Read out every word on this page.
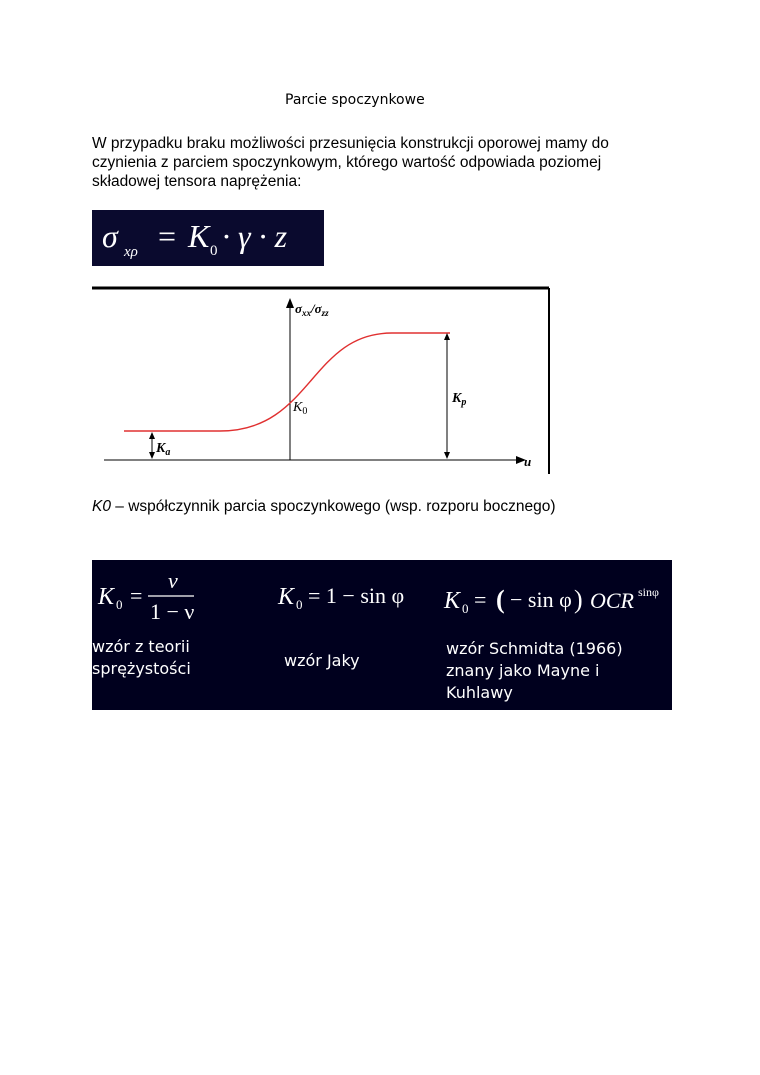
Parcie spoczynkowe
W przypadku braku możliwości przesunięcia konstrukcji oporowej mamy do czynienia z parciem spoczynkowym, którego wartość odpowiada poziomej składowej tensora naprężenia:
σ xρ = K 0 · γ · z
$\sigma_{xx}/\sigma_{zz}$
u
$K_0$
$K_p$
$K_a$
K0 – współczynnik parcia spoczynkowego (wsp. rozporu bocznego)
K 0 =
ν
1 − ν
K 0 = 1 − sin φ K 0 = ( − sin φ ) OCR sinφ

wzór z teorii
sprężystości	wzór Jaky

wzór Schmidta (1966)
znany jako Mayne i
Kuhlawy
